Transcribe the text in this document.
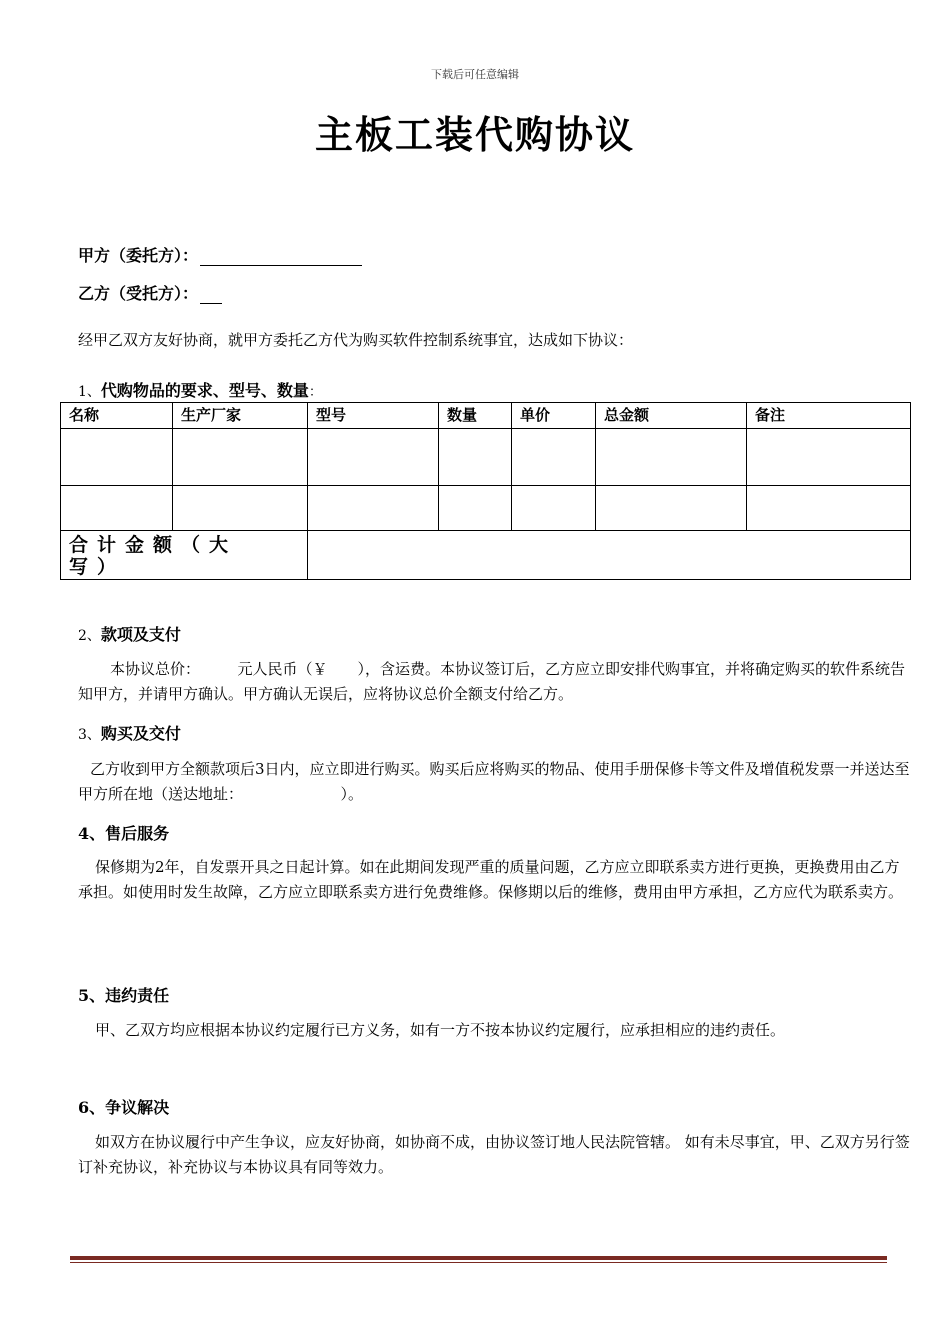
下载后可任意编辑
主板工装代购协议
甲方（委托方）：
乙方（受托方）：
经甲乙双方友好协商，就甲方委托乙方代为购买软件控制系统事宜，达成如下协议：
1、代购物品的要求、型号、数量：
名称	生产厂家	型号	数量	单价	总金额	备注

合计金额（大写）						

2、款项及支付
本协议总价：　　　元人民币（￥　　），含运费。本协议签订后，乙方应立即安排代购事宜，并将确定购买的软件系统告知甲方，并请甲方确认。甲方确认无误后，应将协议总价全额支付给乙方。
3、购买及交付
乙方收到甲方全额款项后3日内，应立即进行购买。购买后应将购买的物品、使用手册保修卡等文件及增值税发票一并送达至甲方所在地（送达地址：　　　　　　　）。
4、售后服务
保修期为2年，自发票开具之日起计算。如在此期间发现严重的质量问题，乙方应立即联系卖方进行更换，更换费用由乙方承担。如使用时发生故障，乙方应立即联系卖方进行免费维修。保修期以后的维修，费用由甲方承担，乙方应代为联系卖方。
5、违约责任
甲、乙双方均应根据本协议约定履行已方义务，如有一方不按本协议约定履行，应承担相应的违约责任。
6、争议解决
如双方在协议履行中产生争议，应友好协商，如协商不成，由协议签订地人民法院管辖。 如有未尽事宜，甲、乙双方另行签订补充协议，补充协议与本协议具有同等效力。
